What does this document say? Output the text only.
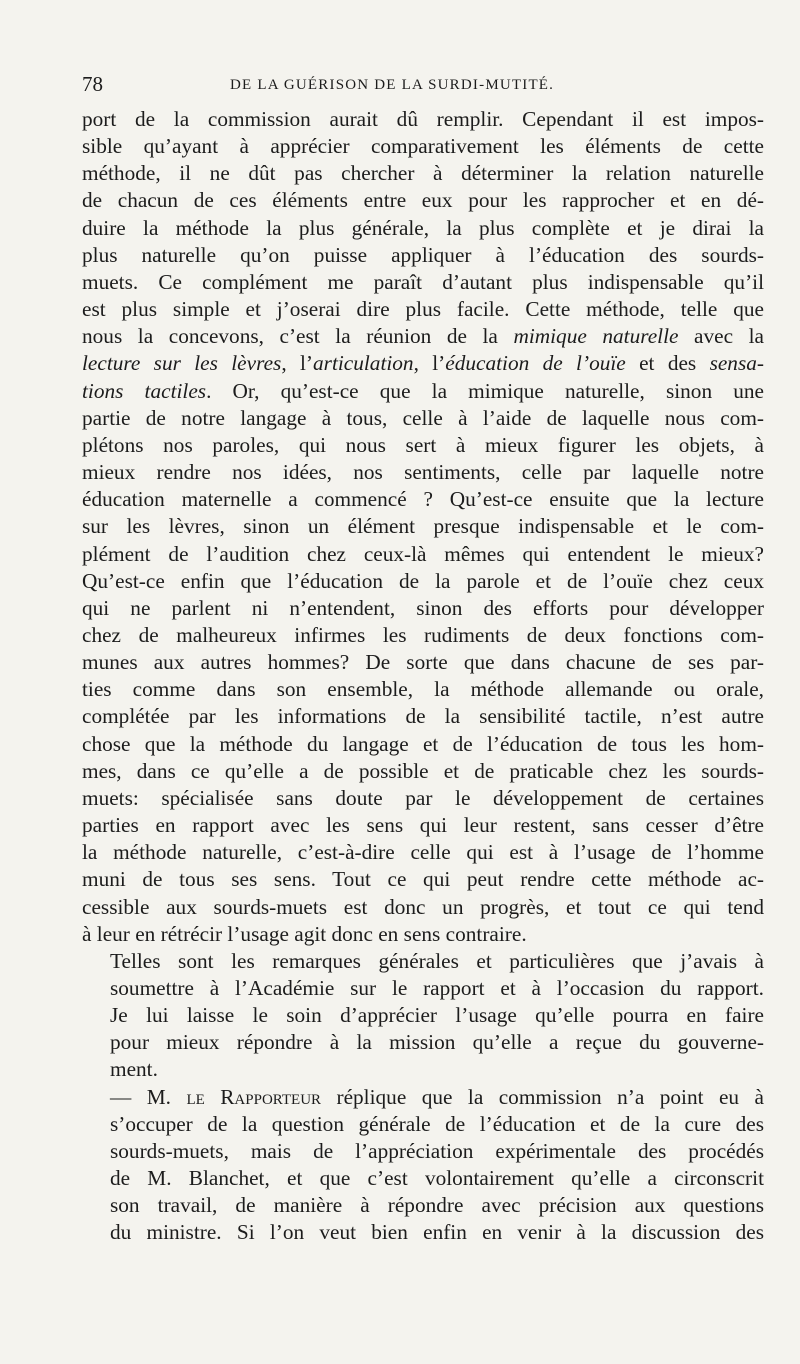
78	DE LA GUÉRISON DE LA SURDI-MUTITÉ.

port de la commission aurait dû remplir. Cependant il est impos-
sible qu’ayant à apprécier comparativement les éléments de cette
méthode, il ne dût pas chercher à déterminer la relation naturelle
de chacun de ces éléments entre eux pour les rapprocher et en dé-
duire la méthode la plus générale, la plus complète et je dirai la
plus naturelle qu’on puisse appliquer à l’éducation des sourds-
muets. Ce complément me paraît d’autant plus indispensable qu’il
est plus simple et j’oserai dire plus facile. Cette méthode, telle que
nous la concevons, c’est la réunion de la mimique naturelle avec la
lecture sur les lèvres, l’articulation, l’éducation de l’ouïe et des sensa-
tions tactiles. Or, qu’est-ce que la mimique naturelle, sinon une
partie de notre langage à tous, celle à l’aide de laquelle nous com-
plétons nos paroles, qui nous sert à mieux figurer les objets, à
mieux rendre nos idées, nos sentiments, celle par laquelle notre
éducation maternelle a commencé ? Qu’est-ce ensuite que la lecture
sur les lèvres, sinon un élément presque indispensable et le com-
plément de l’audition chez ceux-là mêmes qui entendent le mieux?
Qu’est-ce enfin que l’éducation de la parole et de l’ouïe chez ceux
qui ne parlent ni n’entendent, sinon des efforts pour développer
chez de malheureux infirmes les rudiments de deux fonctions com-
munes aux autres hommes? De sorte que dans chacune de ses par-
ties comme dans son ensemble, la méthode allemande ou orale,
complétée par les informations de la sensibilité tactile, n’est autre
chose que la méthode du langage et de l’éducation de tous les hom-
mes, dans ce qu’elle a de possible et de praticable chez les sourds-
muets: spécialisée sans doute par le développement de certaines
parties en rapport avec les sens qui leur restent, sans cesser d’être
la méthode naturelle, c’est-à-dire celle qui est à l’usage de l’homme
muni de tous ses sens. Tout ce qui peut rendre cette méthode ac-
cessible aux sourds-muets est donc un progrès, et tout ce qui tend
à leur en rétrécir l’usage agit donc en sens contraire.

Telles sont les remarques générales et particulières que j’avais à
soumettre à l’Académie sur le rapport et à l’occasion du rapport.
Je lui laisse le soin d’apprécier l’usage qu’elle pourra en faire
pour mieux répondre à la mission qu’elle a reçue du gouverne-
ment.

— M. le Rapporteur réplique que la commission n’a point eu à
s’occuper de la question générale de l’éducation et de la cure des
sourds-muets, mais de l’appréciation expérimentale des procédés
de M. Blanchet, et que c’est volontairement qu’elle a circonscrit
son travail, de manière à répondre avec précision aux questions
du ministre. Si l’on veut bien enfin en venir à la discussion des
